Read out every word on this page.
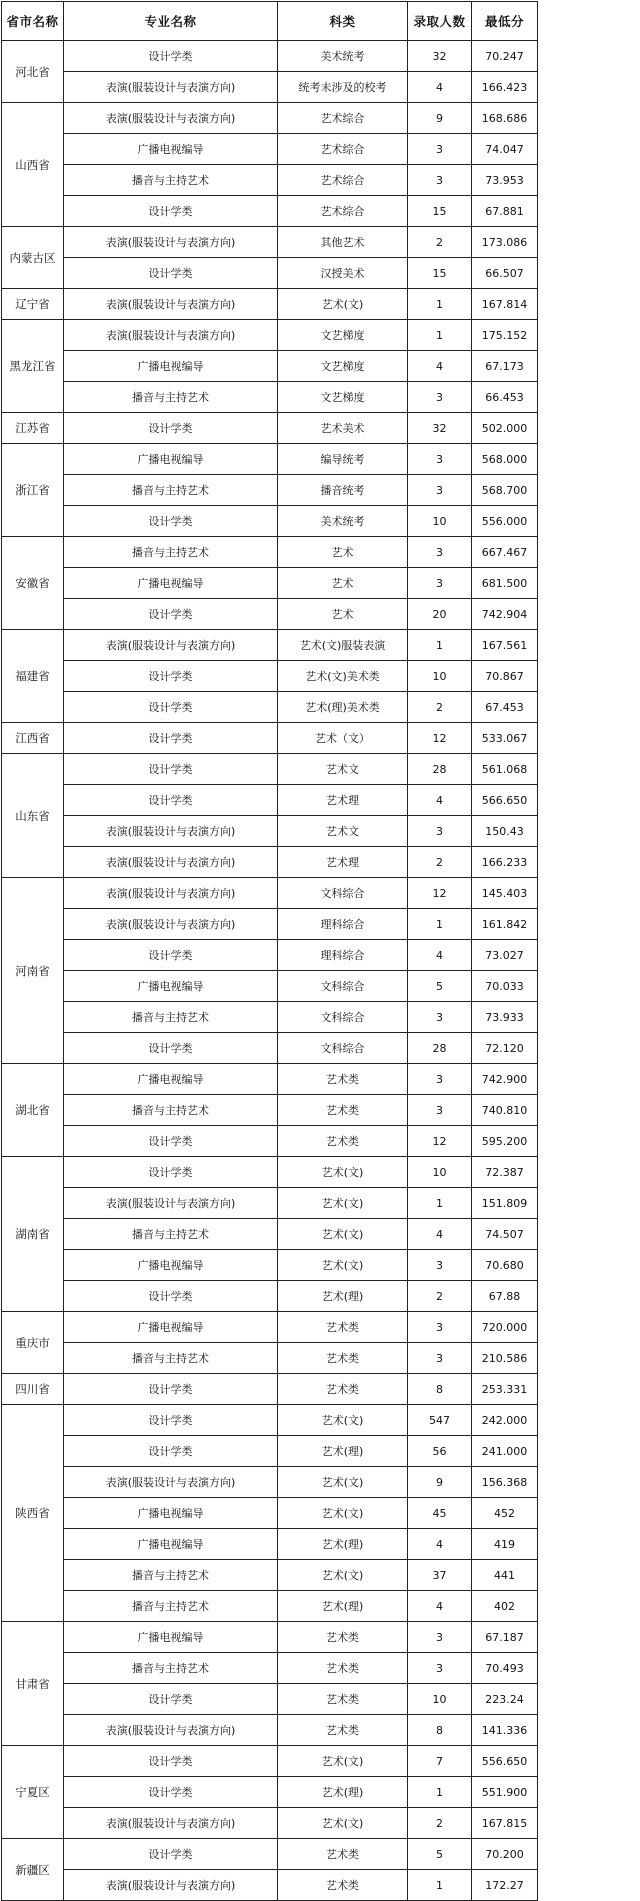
省市名称	专业名称	科类	录取人数	最低分
河北省	设计学类	美术统考	32	70.247
	表演(服装设计与表演方向)	统考未涉及的校考	4	166.423
山西省	表演(服装设计与表演方向)	艺术综合	9	168.686
	广播电视编导	艺术综合	3	74.047
	播音与主持艺术	艺术综合	3	73.953
	设计学类	艺术综合	15	67.881
内蒙古区	表演(服装设计与表演方向)	其他艺术	2	173.086
	设计学类	汉授美术	15	66.507
辽宁省	表演(服装设计与表演方向)	艺术(文)	1	167.814
黑龙江省	表演(服装设计与表演方向)	文艺梯度	1	175.152
	广播电视编导	文艺梯度	4	67.173
	播音与主持艺术	文艺梯度	3	66.453
江苏省	设计学类	艺术美术	32	502.000
浙江省	广播电视编导	编导统考	3	568.000
	播音与主持艺术	播音统考	3	568.700
	设计学类	美术统考	10	556.000
安徽省	播音与主持艺术	艺术	3	667.467
	广播电视编导	艺术	3	681.500
	设计学类	艺术	20	742.904
福建省	表演(服装设计与表演方向)	艺术(文)服装表演	1	167.561
	设计学类	艺术(文)美术类	10	70.867
	设计学类	艺术(理)美术类	2	67.453
江西省	设计学类	艺术（文）	12	533.067
山东省	设计学类	艺术文	28	561.068
	设计学类	艺术理	4	566.650
	表演(服装设计与表演方向)	艺术文	3	150.43
	表演(服装设计与表演方向)	艺术理	2	166.233
河南省	表演(服装设计与表演方向)	文科综合	12	145.403
	表演(服装设计与表演方向)	理科综合	1	161.842
	设计学类	理科综合	4	73.027
	广播电视编导	文科综合	5	70.033
	播音与主持艺术	文科综合	3	73.933
	设计学类	文科综合	28	72.120
湖北省	广播电视编导	艺术类	3	742.900
	播音与主持艺术	艺术类	3	740.810
	设计学类	艺术类	12	595.200
湖南省	设计学类	艺术(文)	10	72.387
	表演(服装设计与表演方向)	艺术(文)	1	151.809
	播音与主持艺术	艺术(文)	4	74.507
	广播电视编导	艺术(文)	3	70.680
	设计学类	艺术(理)	2	67.88
重庆市	广播电视编导	艺术类	3	720.000
	播音与主持艺术	艺术类	3	210.586
四川省	设计学类	艺术类	8	253.331
陕西省	设计学类	艺术(文)	547	242.000
	设计学类	艺术(理)	56	241.000
	表演(服装设计与表演方向)	艺术(文)	9	156.368
	广播电视编导	艺术(文)	45	452
	广播电视编导	艺术(理)	4	419
	播音与主持艺术	艺术(文)	37	441
	播音与主持艺术	艺术(理)	4	402
甘肃省	广播电视编导	艺术类	3	67.187
	播音与主持艺术	艺术类	3	70.493
	设计学类	艺术类	10	223.24
	表演(服装设计与表演方向)	艺术类	8	141.336
宁夏区	设计学类	艺术(文)	7	556.650
	设计学类	艺术(理)	1	551.900
	表演(服装设计与表演方向)	艺术(文)	2	167.815
新疆区	设计学类	艺术类	5	70.200
	表演(服装设计与表演方向)	艺术类	1	172.27
